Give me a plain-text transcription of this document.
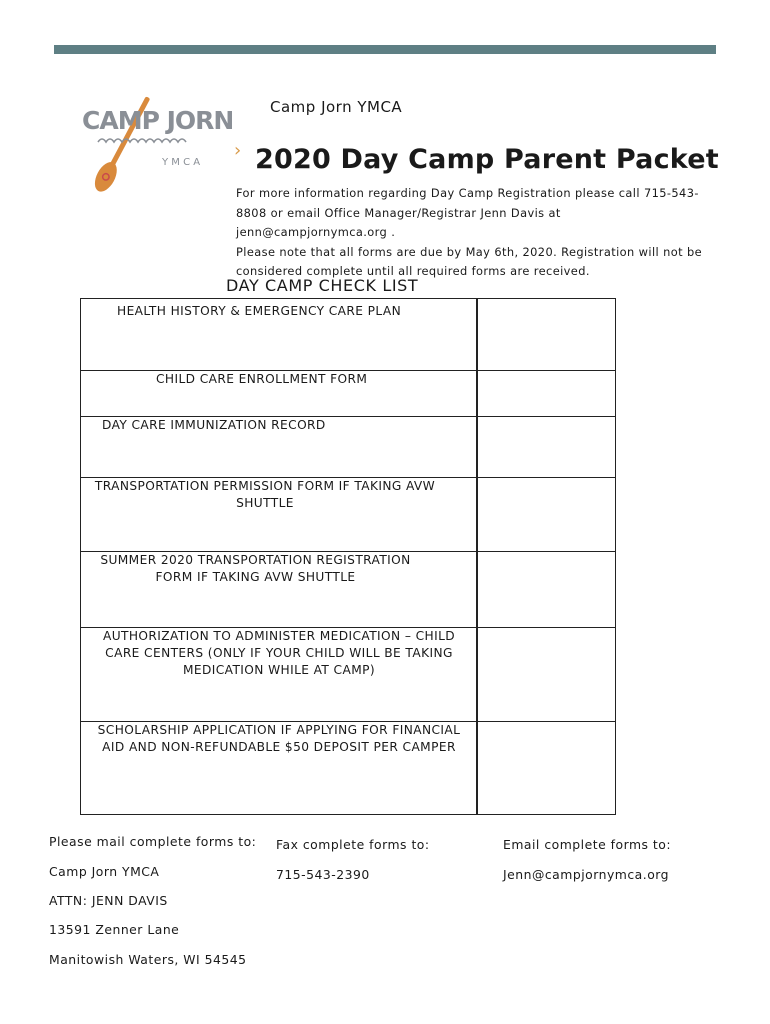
CAMP JORN
Y M C A
Camp Jorn YMCA
› 2020 Day Camp Parent Packet
For more information regarding Day Camp Registration please call 715-543-
8808 or email Office Manager/Registrar Jenn Davis at jenn@campjornymca.org .
Please note that all forms are due by May 6th, 2020. Registration will not be
considered complete until all required forms are received.
DAY CAMP CHECK LIST
HEALTH HISTORY & EMERGENCY CARE PLAN
CHILD CARE ENROLLMENT FORM
DAY CARE IMMUNIZATION RECORD
TRANSPORTATION PERMISSION FORM IF TAKING AVW
SHUTTLE
SUMMER 2020 TRANSPORTATION REGISTRATION
FORM IF TAKING AVW SHUTTLE
AUTHORIZATION TO ADMINISTER MEDICATION – CHILD
CARE CENTERS (ONLY IF YOUR CHILD WILL BE TAKING
MEDICATION WHILE AT CAMP)
SCHOLARSHIP APPLICATION IF APPLYING FOR FINANCIAL
AID AND NON-REFUNDABLE $50 DEPOSIT PER CAMPER
Please mail complete forms to:
Camp Jorn YMCA
ATTN: JENN DAVIS
13591 Zenner Lane
Manitowish Waters, WI 54545
Fax complete forms to:
715-543-2390
Email complete forms to:
Jenn@campjornymca.org
